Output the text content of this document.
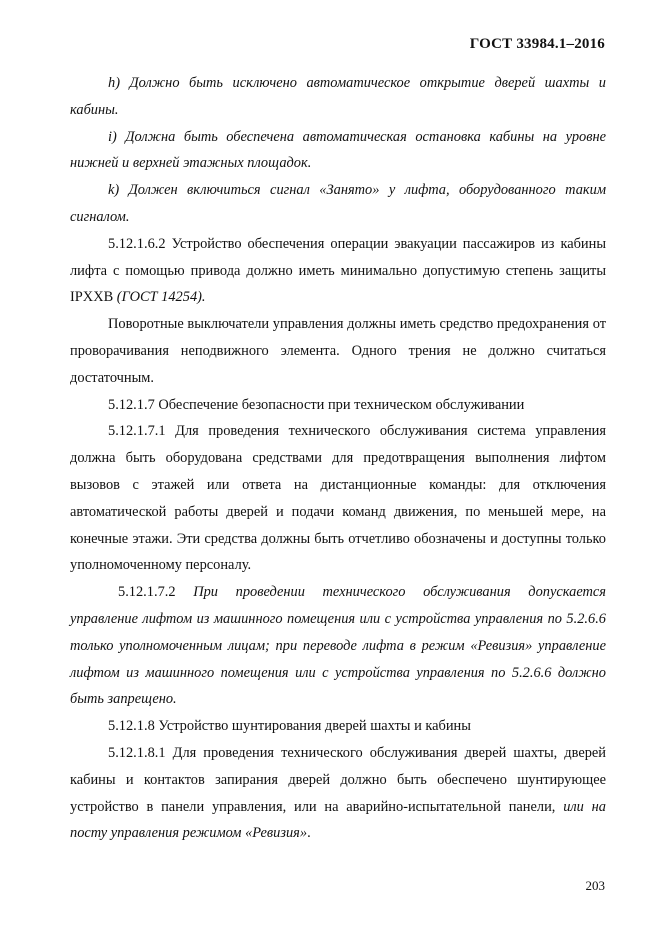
ГОСТ 33984.1–2016

h) Должно быть исключено автоматическое открытие дверей шахты и кабины.

i) Должна быть обеспечена автоматическая остановка кабины на уровне нижней и верхней этажных площадок.

k) Должен включиться сигнал «Занято» у лифта, оборудованного таким сигналом.

5.12.1.6.2 Устройство обеспечения операции эвакуации пассажиров из кабины лифта с помощью привода должно иметь минимально допустимую степень защиты IPXXB (ГОСТ 14254).

Поворотные выключатели управления должны иметь средство предохранения от проворачивания неподвижного элемента. Одного трения не должно считаться достаточным.

5.12.1.7 Обеспечение безопасности при техническом обслуживании

5.12.1.7.1 Для проведения технического обслуживания система управления должна быть оборудована средствами для предотвращения выполнения лифтом вызовов с этажей или ответа на дистанционные команды: для отключения автоматической работы дверей и подачи команд движения, по меньшей мере, на конечные этажи. Эти средства должны быть отчетливо обозначены и доступны только уполномоченному персоналу.

5.12.1.7.2 При проведении технического обслуживания допускается управление лифтом из машинного помещения или с устройства управления по 5.2.6.6 только уполномоченным лицам; при переводе лифта в режим «Ревизия» управление лифтом из машинного помещения или с устройства управления по 5.2.6.6 должно быть запрещено.

5.12.1.8 Устройство шунтирования дверей шахты и кабины

5.12.1.8.1 Для проведения технического обслуживания дверей шахты, дверей кабины и контактов запирания дверей должно быть обеспечено шунтирующее устройство в панели управления, или на аварийно-испытательной панели, или на посту управления режимом «Ревизия».

203
